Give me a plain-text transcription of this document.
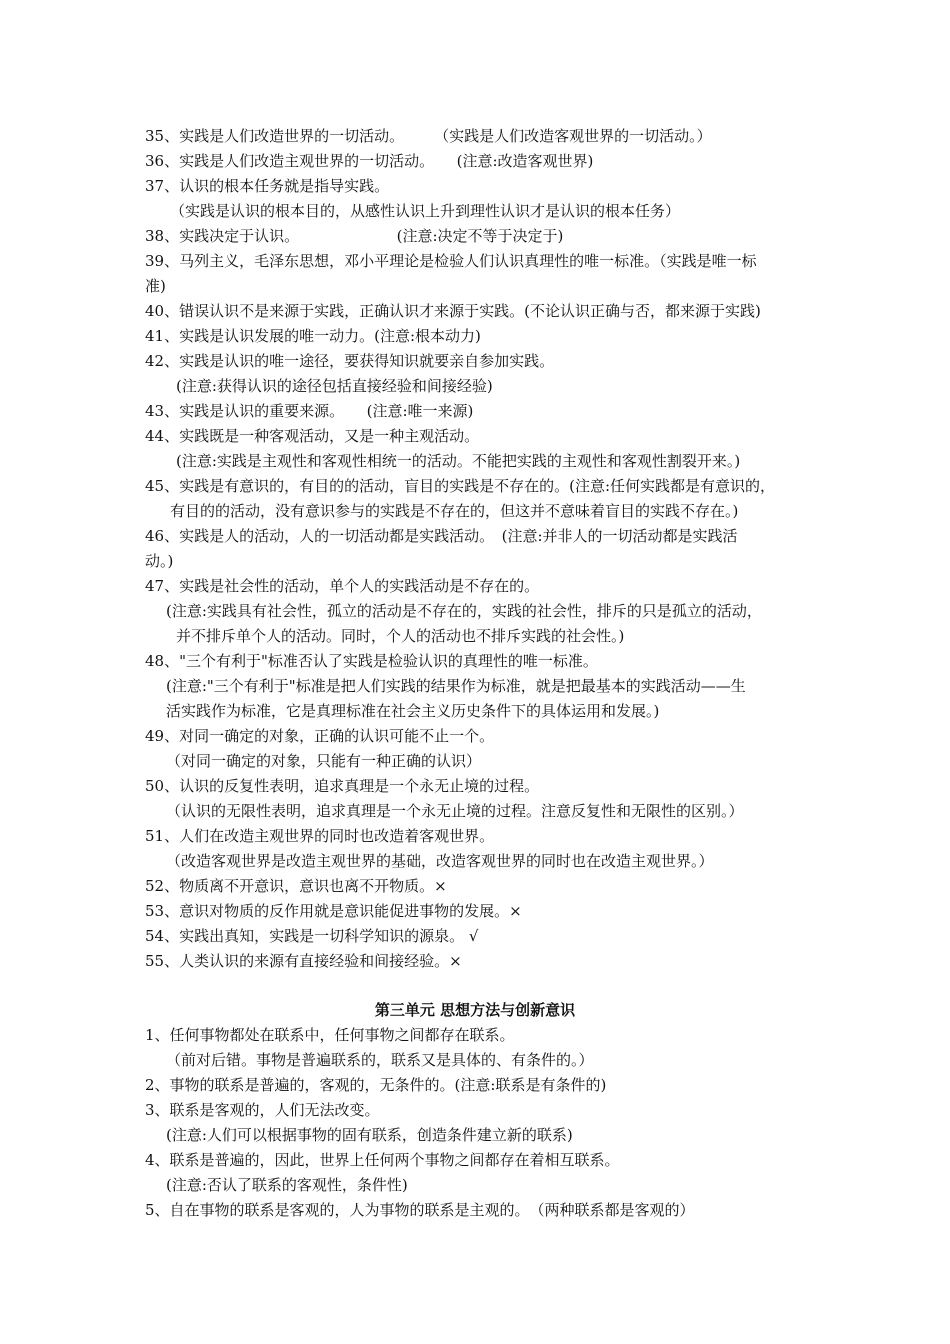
35、实践是人们改造世界的一切活动。　　　（实践是人们改造客观世界的一切活动。）
36、实践是人们改造主观世界的一切活动。　　(注意:改造客观世界)
37、认识的根本任务就是指导实践。
（实践是认识的根本目的，从感性认识上升到理性认识才是认识的根本任务）
38、实践决定于认识。　　　　　　　(注意:决定不等于决定于)
39、马列主义，毛泽东思想，邓小平理论是检验人们认识真理性的唯一标准。（实践是唯一标
准)
40、错误认识不是来源于实践，正确认识才来源于实践。(不论认识正确与否，都来源于实践)
41、实践是认识发展的唯一动力。(注意:根本动力)
42、实践是认识的唯一途径，要获得知识就要亲自参加实践。
(注意:获得认识的途径包括直接经验和间接经验)
43、实践是认识的重要来源。　　(注意:唯一来源)
44、实践既是一种客观活动，又是一种主观活动。
(注意:实践是主观性和客观性相统一的活动。不能把实践的主观性和客观性割裂开来。)
45、实践是有意识的，有目的的活动，盲目的实践是不存在的。(注意:任何实践都是有意识的，
有目的的活动，没有意识参与的实践是不存在的，但这并不意味着盲目的实践不存在。)
46、实践是人的活动，人的一切活动都是实践活动。　(注意:并非人的一切活动都是实践活
动。)
47、实践是社会性的活动，单个人的实践活动是不存在的。
(注意:实践具有社会性，孤立的活动是不存在的，实践的社会性，排斥的只是孤立的活动，
并不排斥单个人的活动。同时，个人的活动也不排斥实践的社会性。)
48、"三个有利于"标准否认了实践是检验认识的真理性的唯一标准。
(注意:"三个有利于"标准是把人们实践的结果作为标准，就是把最基本的实践活动——生
活实践作为标准，它是真理标准在社会主义历史条件下的具体运用和发展。)
49、对同一确定的对象，正确的认识可能不止一个。
（对同一确定的对象，只能有一种正确的认识）
50、认识的反复性表明，追求真理是一个永无止境的过程。
（认识的无限性表明，追求真理是一个永无止境的过程。注意反复性和无限性的区别。）
51、人们在改造主观世界的同时也改造着客观世界。
（改造客观世界是改造主观世界的基础，改造客观世界的同时也在改造主观世界。）
52、物质离不开意识，意识也离不开物质。×
53、意识对物质的反作用就是意识能促进事物的发展。×
54、实践出真知，实践是一切科学知识的源泉。 √
55、人类认识的来源有直接经验和间接经验。×
第三单元 思想方法与创新意识
1、任何事物都处在联系中，任何事物之间都存在联系。
（前对后错。事物是普遍联系的，联系又是具体的、有条件的。）
2、事物的联系是普遍的，客观的，无条件的。(注意:联系是有条件的)
3、联系是客观的，人们无法改变。
(注意:人们可以根据事物的固有联系，创造条件建立新的联系)
4、联系是普遍的，因此，世界上任何两个事物之间都存在着相互联系。
(注意:否认了联系的客观性，条件性)
5、自在事物的联系是客观的，人为事物的联系是主观的。　（两种联系都是客观的）
